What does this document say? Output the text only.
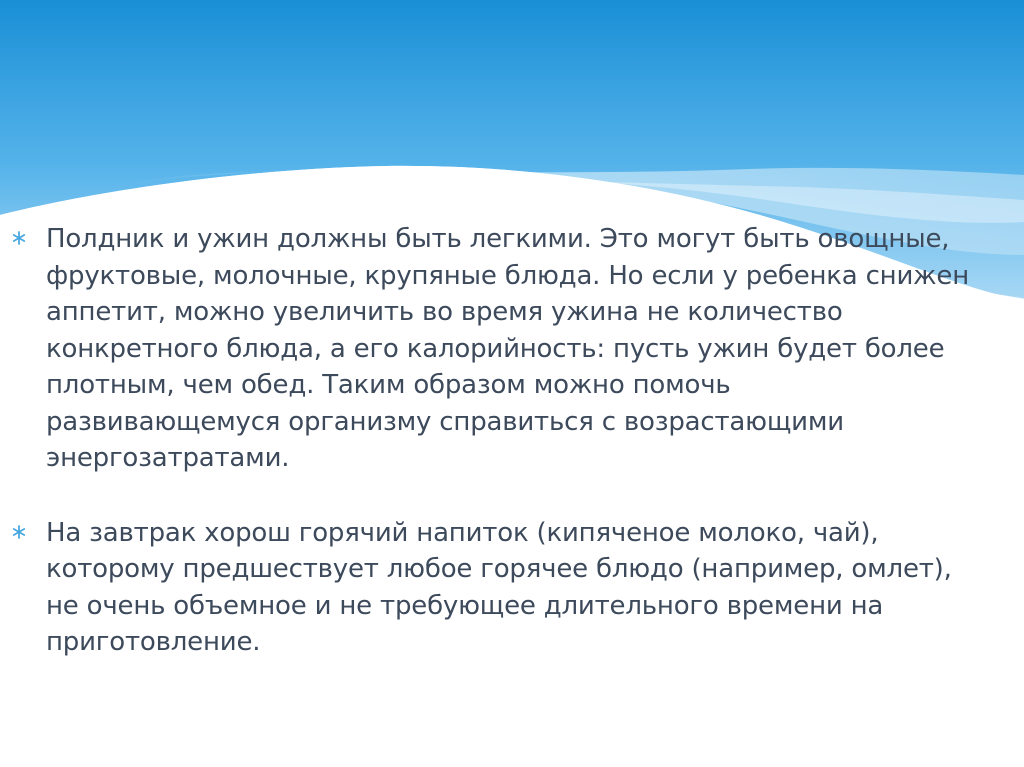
Полдник и ужин должны быть легкими. Это могут быть овощные, фруктовые, молочные, крупяные блюда. Но если у ребенка снижен аппетит, можно увеличить во время ужина не количество конкретного блюда, а его калорийность: пусть ужин будет более плотным, чем обед. Таким образом можно помочь развивающемуся организму справиться с возрастающими энергозатратами.
На завтрак хорош горячий напиток (кипяченое молоко, чай), которому предшествует любое горячее блюдо (например, омлет), не очень объемное и не требующее длительного времени на приготовление.
